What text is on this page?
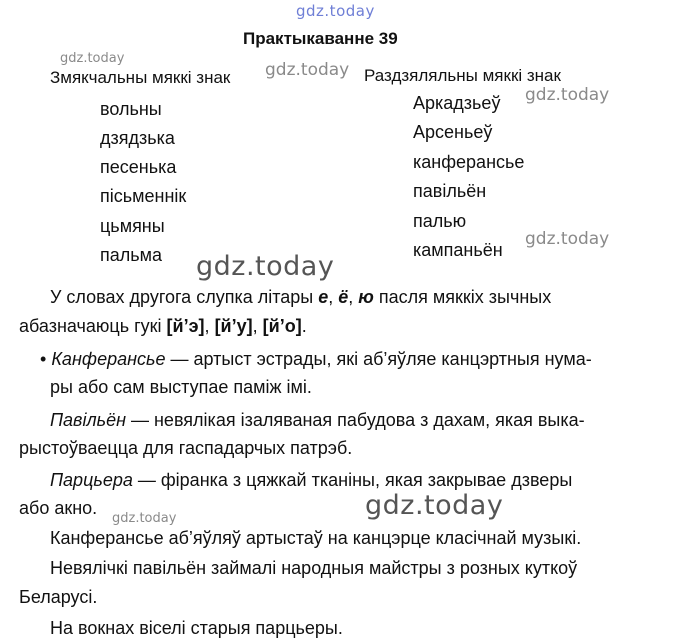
gdz.today
gdz.today
gdz.today
gdz.today
gdz.today
gdz.today
gdz.today
gdz.today
Практыкаванне 39
Змякчальны мяккі знак	Раздзяляльны мяккі знак
вольны
дзядзька
песенька
пісьменнік
цьмяны
пальма
Аркадзьеў
Арсеньеў
канферансье
павільён
палью
кампаньён
У словах другога слупка літары е, ё, ю пасля мяккіх зычных
абазначаюць гукі [й’э], [й’у], [й’о].
• Канферансье — артыст эстрады, які аб’яўляе канцэртныя нума-
ры або сам выступае паміж імі.
Павільён — невялікая ізаляваная пабудова з дахам, якая выка-
рыстоўваецца для гаспадарчых патрэб.
Парцьера — фіранка з цяжкай тканіны, якая закрывае дзверы
або акно.
Канферансье аб’яўляў артыстаў на канцэрце класічнай музыкі.
Невялічкі павільён займалі народныя майстры з розных куткоў
Беларусі.
На вокнах віселі старыя парцьеры.
